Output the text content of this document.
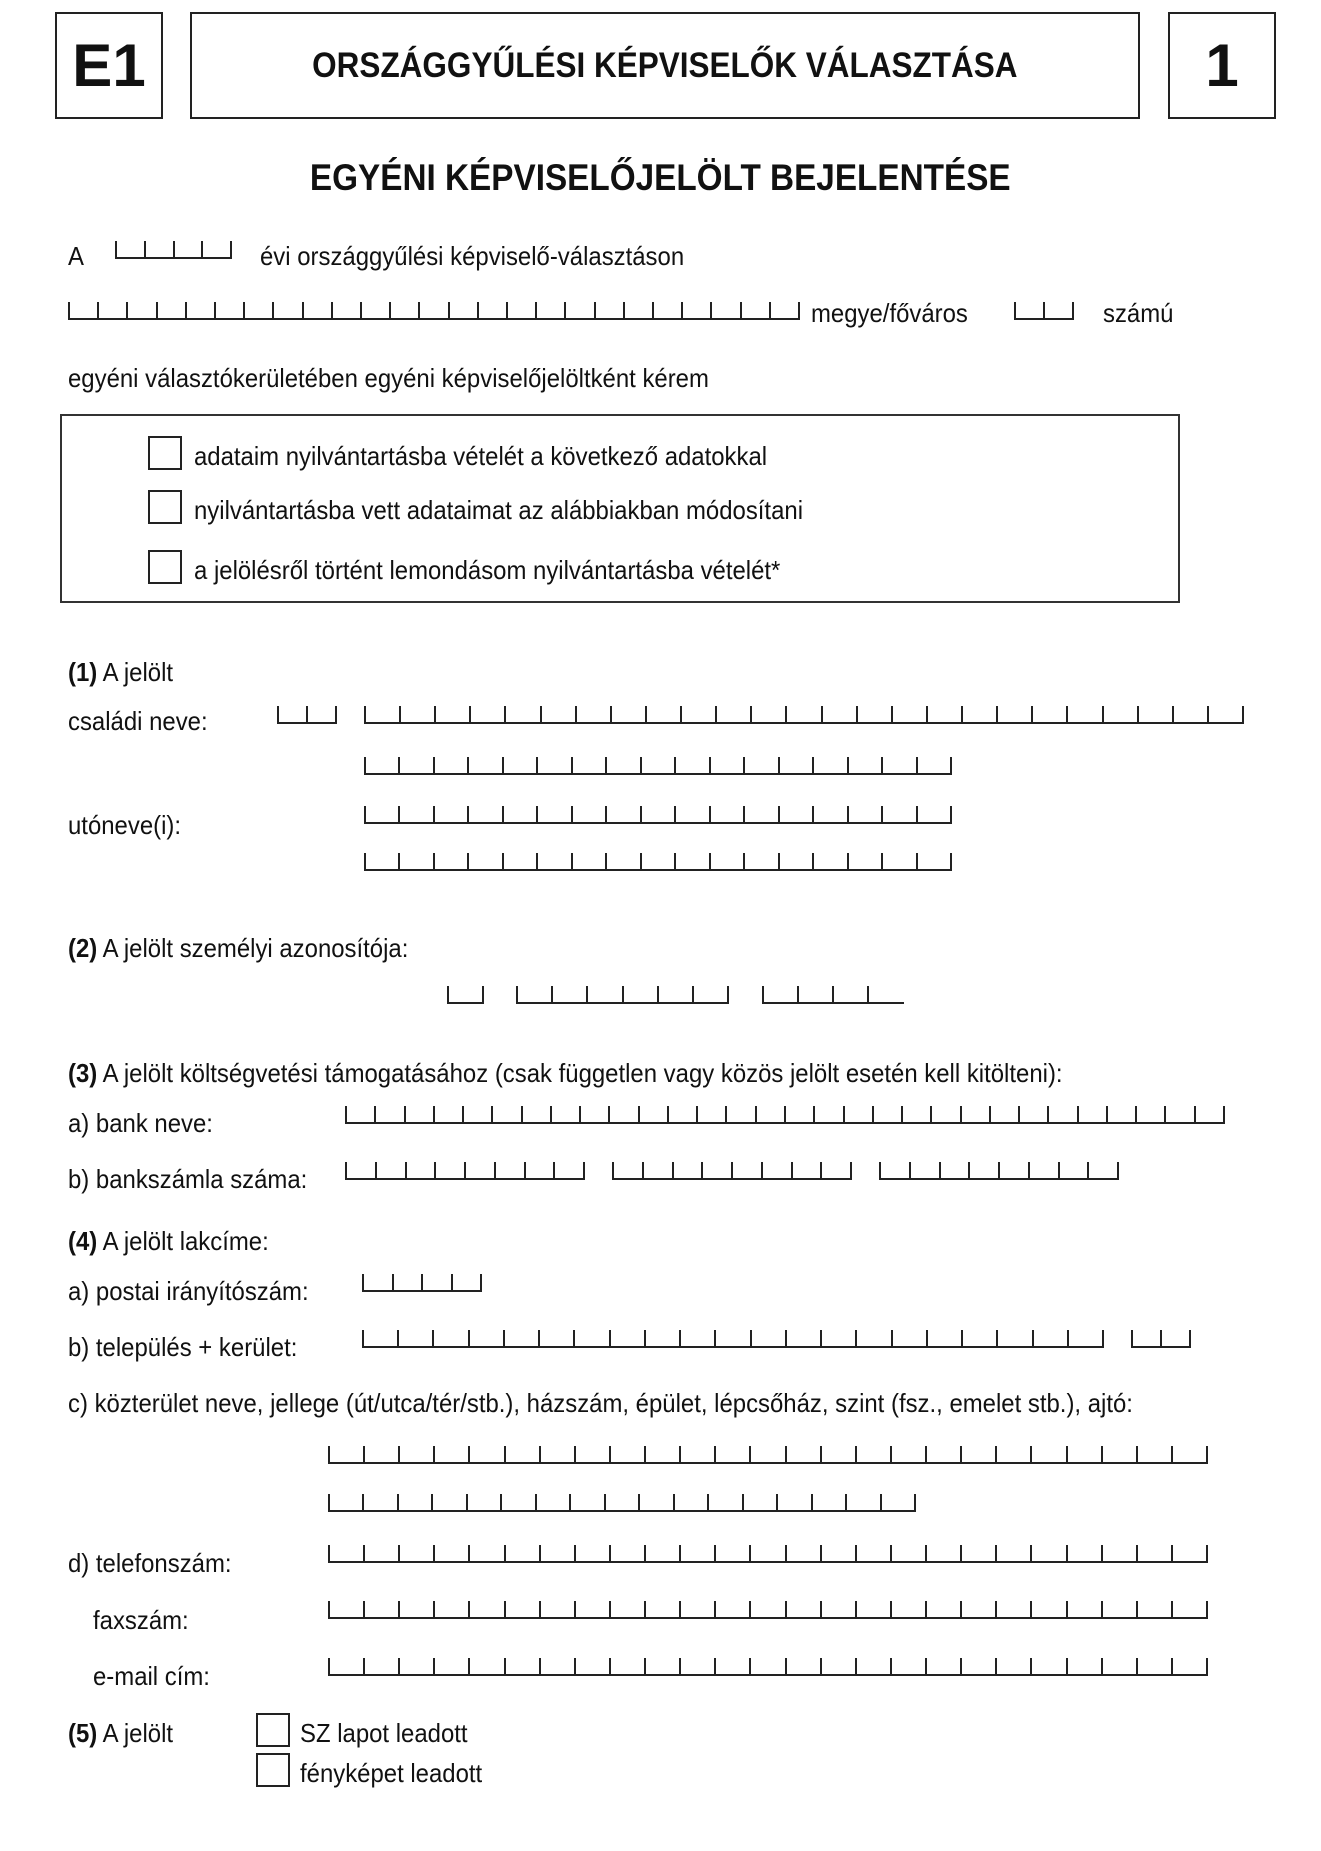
E1	ORSZÁGGYŰLÉSI KÉPVISELŐK VÁLASZTÁSA	1
EGYÉNI KÉPVISELŐJELÖLT BEJELENTÉSE
A	évi országgyűlési képviselő-választáson
megye/főváros	számú
egyéni választókerületében egyéni képviselőjelöltként kérem
adataim nyilvántartásba vételét a következő adatokkal
nyilvántartásba vett adataimat az alábbiakban módosítani
a jelölésről történt lemondásom nyilvántartásba vételét*
(1) A jelölt
családi neve:
utóneve(i):
(2) A jelölt személyi azonosítója:
(3) A jelölt költségvetési támogatásához (csak független vagy közös jelölt esetén kell kitölteni):
a) bank neve:
b) bankszámla száma:
(4) A jelölt lakcíme:
a) postai irányítószám:
b) település + kerület:
c) közterület neve, jellege (út/utca/tér/stb.), házszám, épület, lépcsőház, szint (fsz., emelet stb.), ajtó:
d) telefonszám:
faxszám:
e-mail cím:
(5) A jelölt	SZ lapot leadott
fényképet leadott
